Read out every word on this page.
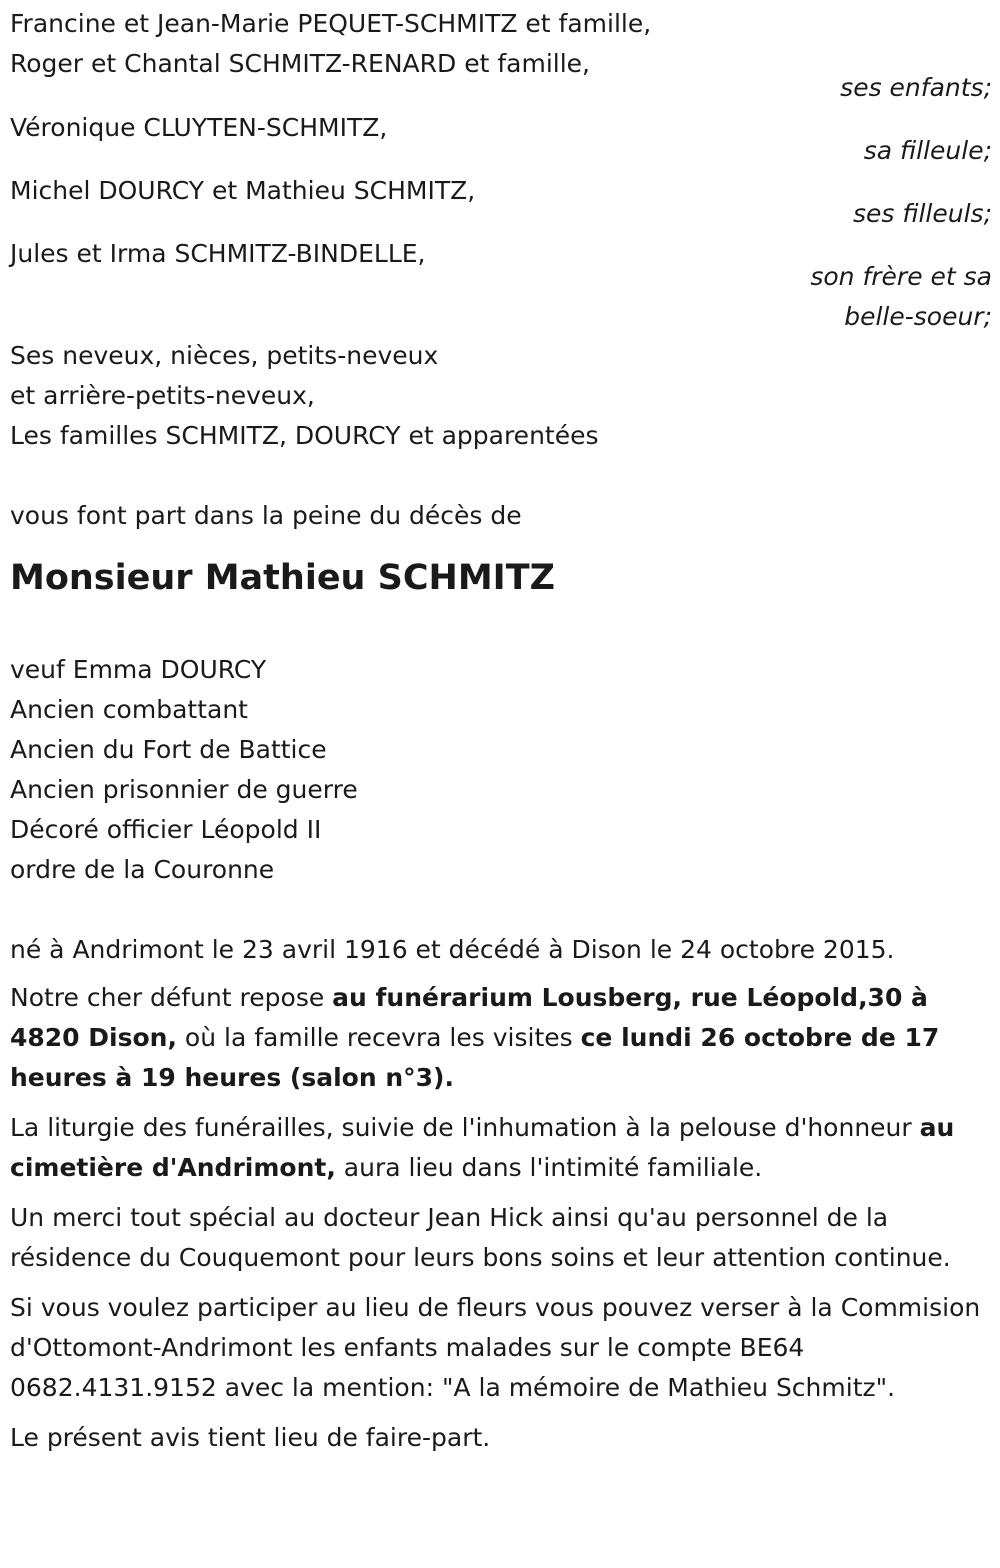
Francine et Jean-Marie PEQUET-SCHMITZ et famille,
Roger et Chantal SCHMITZ-RENARD et famille,
ses enfants;
Véronique CLUYTEN-SCHMITZ,
sa filleule;
Michel DOURCY et Mathieu SCHMITZ,
ses filleuls;
Jules et Irma SCHMITZ-BINDELLE,
son frère et sa
belle-soeur;
Ses neveux, nièces, petits-neveux
et arrière-petits-neveux,
Les familles SCHMITZ, DOURCY et apparentées
vous font part dans la peine du décès de
Monsieur Mathieu SCHMITZ
veuf Emma DOURCY
Ancien combattant
Ancien du Fort de Battice
Ancien prisonnier de guerre
Décoré officier Léopold II
ordre de la Couronne
né à Andrimont le 23 avril 1916 et décédé à Dison le 24 octobre 2015.
Notre cher défunt repose au funérarium Lousberg, rue Léopold,30 à 4820 Dison, où la famille recevra les visites ce lundi 26 octobre de 17 heures à 19 heures (salon n°3).
La liturgie des funérailles, suivie de l'inhumation à la pelouse d'honneur au cimetière d'Andrimont, aura lieu dans l'intimité familiale.
Un merci tout spécial au docteur Jean Hick ainsi qu'au personnel de la résidence du Couquemont pour leurs bons soins et leur attention continue.
Si vous voulez participer au lieu de fleurs vous pouvez verser à la Commision d'Ottomont-Andrimont les enfants malades sur le compte BE64 0682.4131.9152 avec la mention: "A la mémoire de Mathieu Schmitz".
Le présent avis tient lieu de faire-part.
